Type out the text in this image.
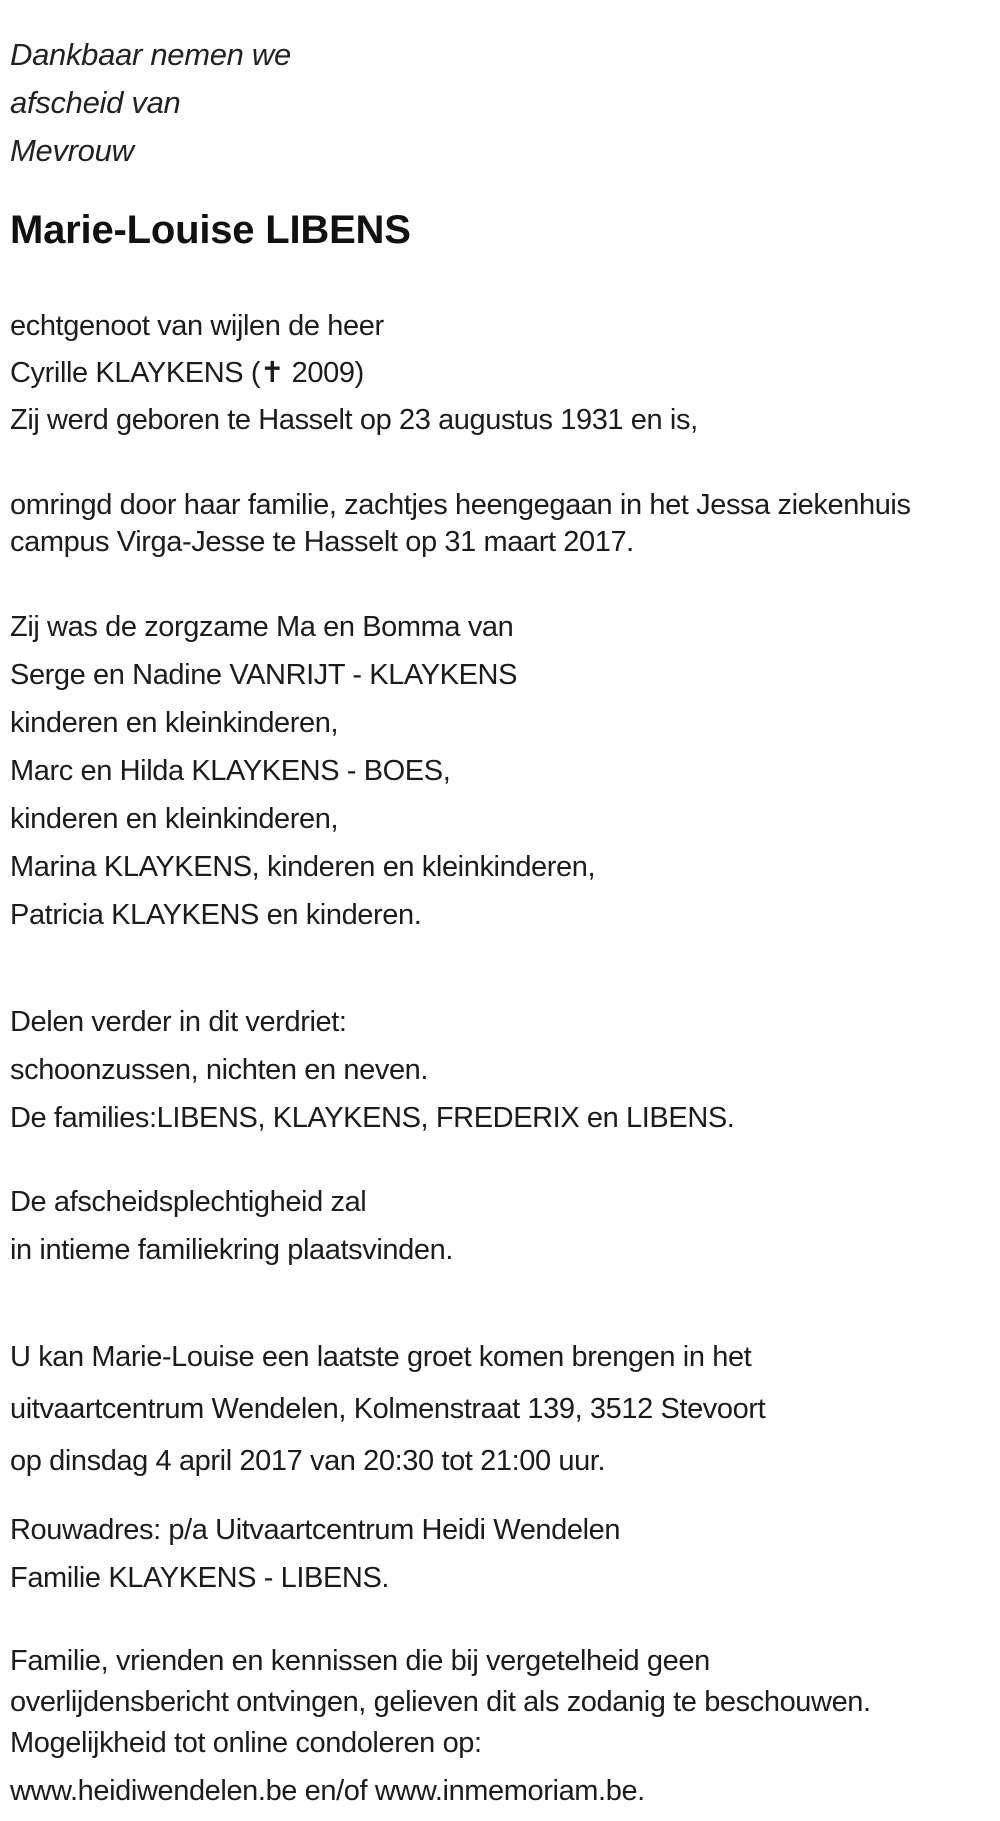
Dankbaar nemen we
afscheid van
Mevrouw
Marie-Louise LIBENS
echtgenoot van wijlen de heer
Cyrille KLAYKENS (✝ 2009)
Zij werd geboren te Hasselt op 23 augustus 1931 en is,
omringd door haar familie, zachtjes heengegaan in het Jessa ziekenhuis
campus Virga-Jesse te Hasselt op 31 maart 2017.
Zij was de zorgzame Ma en Bomma van
Serge en Nadine VANRIJT - KLAYKENS
kinderen en kleinkinderen,
Marc en Hilda KLAYKENS - BOES,
kinderen en kleinkinderen,
Marina KLAYKENS, kinderen en kleinkinderen,
Patricia KLAYKENS en kinderen.
Delen verder in dit verdriet:
schoonzussen, nichten en neven.
De families:LIBENS, KLAYKENS, FREDERIX en LIBENS.
De afscheidsplechtigheid zal
in intieme familiekring plaatsvinden.
U kan Marie-Louise een laatste groet komen brengen in het
uitvaartcentrum Wendelen, Kolmenstraat 139, 3512 Stevoort
op dinsdag 4 april 2017 van 20:30 tot 21:00 uur.
Rouwadres: p/a Uitvaartcentrum Heidi Wendelen
Familie KLAYKENS - LIBENS.
Familie, vrienden en kennissen die bij vergetelheid geen
overlijdensbericht ontvingen, gelieven dit als zodanig te beschouwen.
Mogelijkheid tot online condoleren op:
www.heidiwendelen.be en/of www.inmemoriam.be.
